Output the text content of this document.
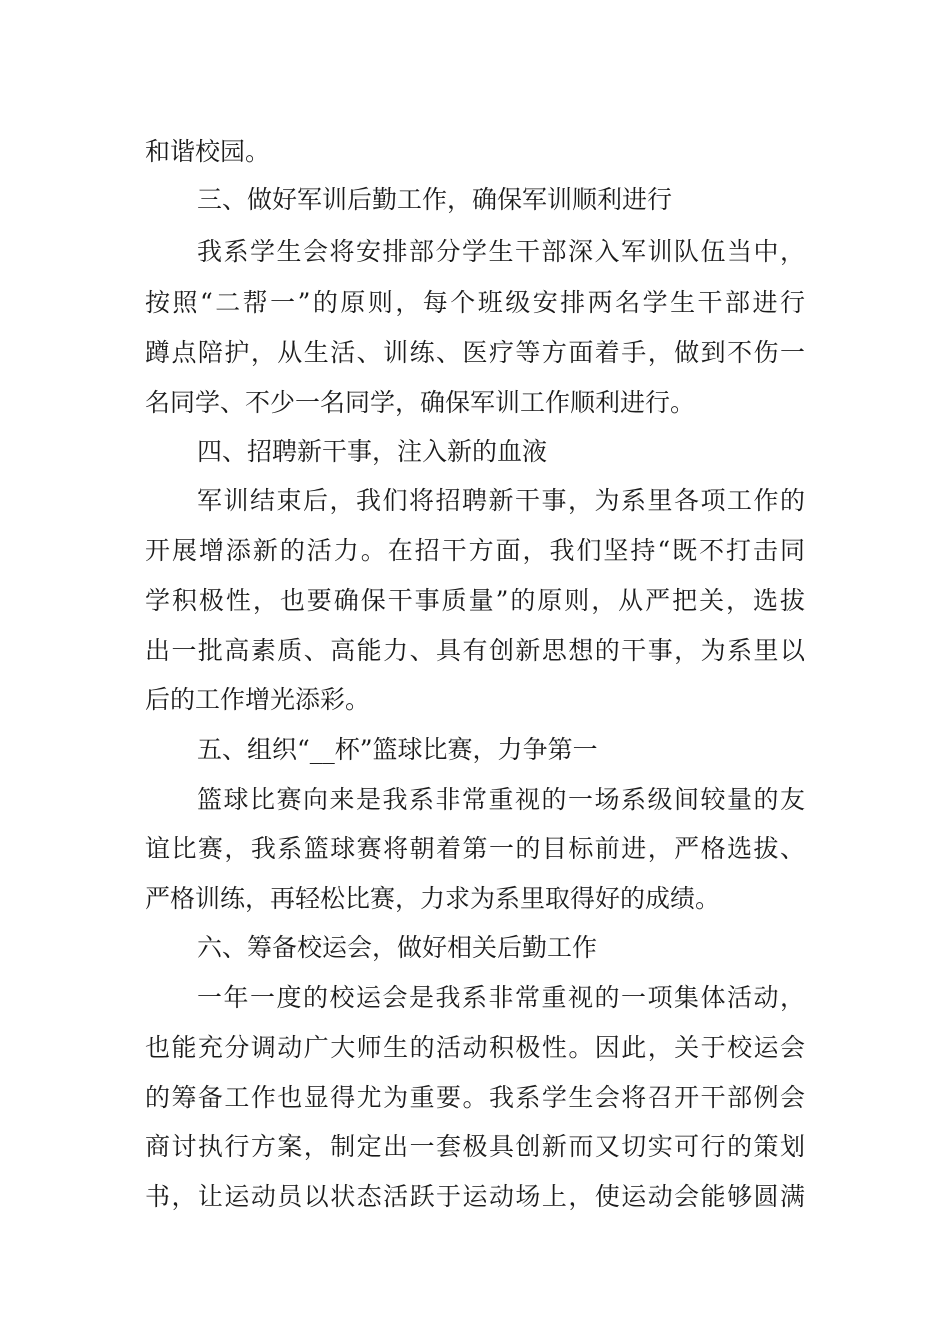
和谐校园。
三、做好军训后勤工作，确保军训顺利进行
我系学生会将安排部分学生干部深入军训队伍当中，
按照“二帮一”的原则，每个班级安排两名学生干部进行
蹲点陪护，从生活、训练、医疗等方面着手，做到不伤一
名同学、不少一名同学，确保军训工作顺利进行。
四、招聘新干事，注入新的血液
军训结束后，我们将招聘新干事，为系里各项工作的
开展增添新的活力。在招干方面，我们坚持“既不打击同
学积极性，也要确保干事质量”的原则，从严把关，选拔
出一批高素质、高能力、具有创新思想的干事，为系里以
后的工作增光添彩。
五、组织“__杯”篮球比赛，力争第一
篮球比赛向来是我系非常重视的一场系级间较量的友
谊比赛，我系篮球赛将朝着第一的目标前进，严格选拔、
严格训练，再轻松比赛，力求为系里取得好的成绩。
六、筹备校运会，做好相关后勤工作
一年一度的校运会是我系非常重视的一项集体活动，
也能充分调动广大师生的活动积极性。因此，关于校运会
的筹备工作也显得尤为重要。我系学生会将召开干部例会
商讨执行方案，制定出一套极具创新而又切实可行的策划
书，让运动员以状态活跃于运动场上，使运动会能够圆满
